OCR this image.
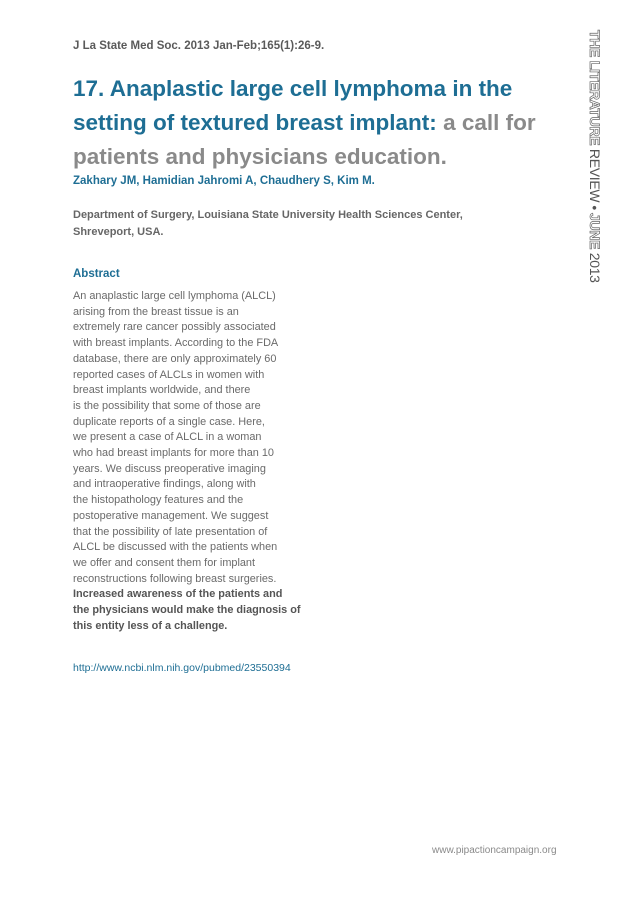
J La State Med Soc. 2013 Jan-Feb;165(1):26-9.
17. Anaplastic large cell lymphoma in the setting of textured breast implant: a call for patients and physicians education.
Zakhary JM, Hamidian Jahromi A, Chaudhery S, Kim M.
Department of Surgery, Louisiana State University Health Sciences Center, Shreveport, USA.
Abstract
An anaplastic large cell lymphoma (ALCL)
arising from the breast tissue is an
extremely rare cancer possibly associated
with breast implants. According to the FDA
database, there are only approximately 60
reported cases of ALCLs in women with
breast implants worldwide, and there
is the possibility that some of those are
duplicate reports of a single case. Here,
we present a case of ALCL in a woman
who had breast implants for more than 10
years. We discuss preoperative imaging
and intraoperative findings, along with
the histopathology features and the
postoperative management. We suggest
that the possibility of late presentation of
ALCL be discussed with the patients when
we offer and consent them for implant
reconstructions following breast surgeries.
Increased awareness of the patients and
the physicians would make the diagnosis of
this entity less of a challenge.
http://www.ncbi.nlm.nih.gov/pubmed/23550394
www.pipactioncampaign.org
THE LITERATURE REVIEW•JUNE 2013
